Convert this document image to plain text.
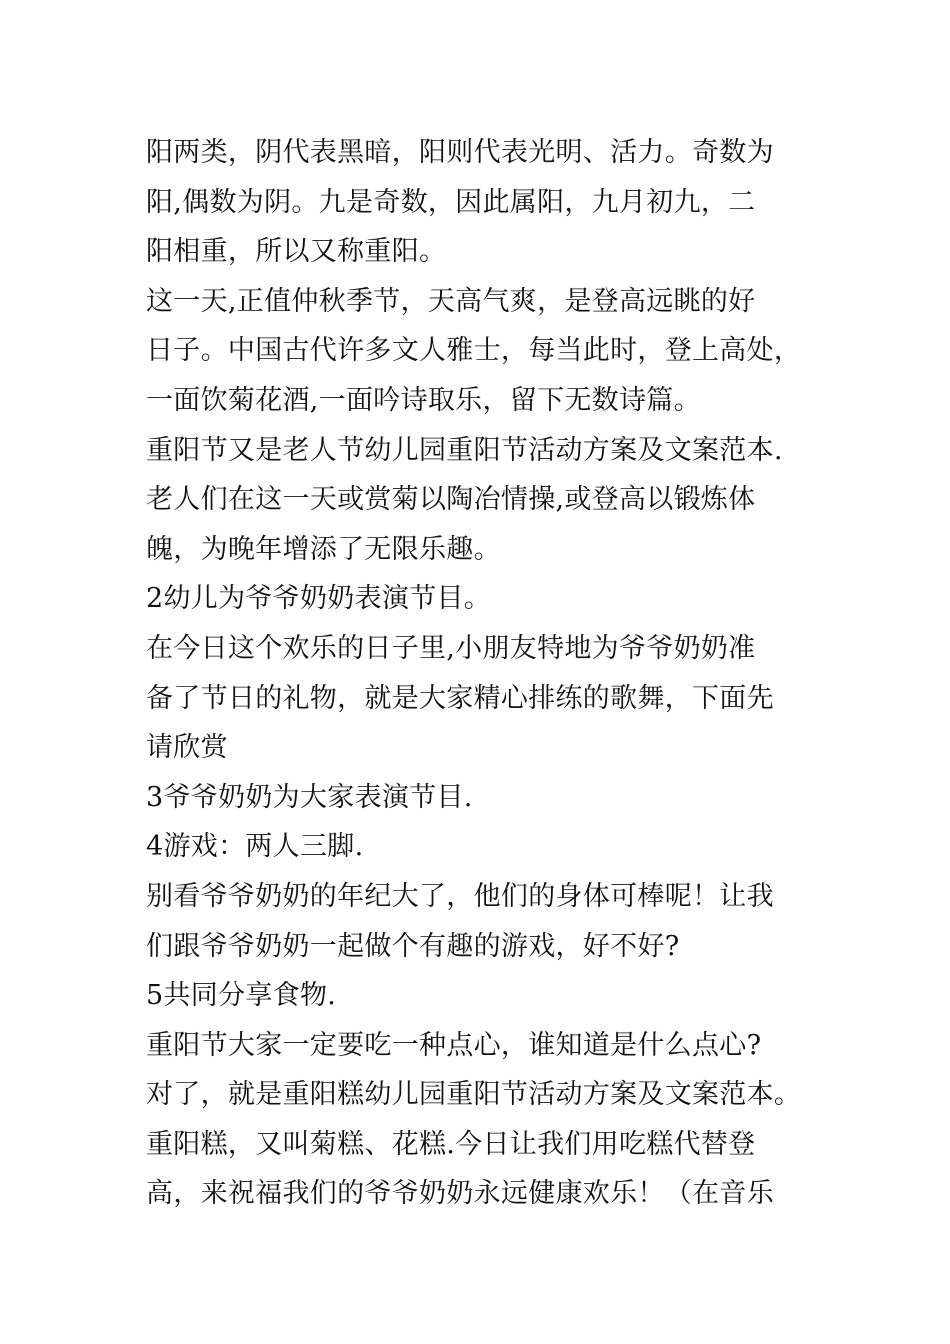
阳两类，阴代表黑暗，阳则代表光明、活力。奇数为
阳,偶数为阴。九是奇数，因此属阳，九月初九，二
阳相重，所以又称重阳。
这一天,正值仲秋季节，天高气爽，是登高远眺的好
日子。中国古代许多文人雅士，每当此时，登上高处，
一面饮菊花酒,一面吟诗取乐，留下无数诗篇。
重阳节又是老人节幼儿园重阳节活动方案及文案范本.
老人们在这一天或赏菊以陶冶情操,或登高以锻炼体
魄，为晚年增添了无限乐趣。
2幼儿为爷爷奶奶表演节目。
在今日这个欢乐的日子里,小朋友特地为爷爷奶奶准
备了节日的礼物，就是大家精心排练的歌舞，下面先
请欣赏
3爷爷奶奶为大家表演节目.
4游戏：两人三脚.
别看爷爷奶奶的年纪大了，他们的身体可棒呢！让我
们跟爷爷奶奶一起做个有趣的游戏，好不好?
5共同分享食物.
重阳节大家一定要吃一种点心，谁知道是什么点心?
对了，就是重阳糕幼儿园重阳节活动方案及文案范本。
重阳糕，又叫菊糕、花糕.今日让我们用吃糕代替登
高，来祝福我们的爷爷奶奶永远健康欢乐！（在音乐
